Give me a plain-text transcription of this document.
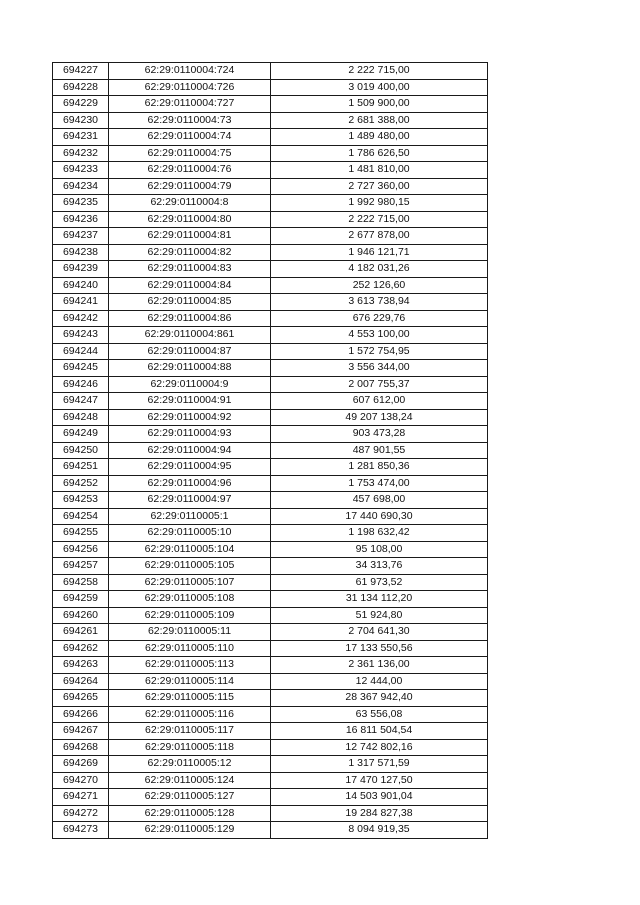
694227	62:29:0110004:724	2 222 715,00
694228	62:29:0110004:726	3 019 400,00
694229	62:29:0110004:727	1 509 900,00
694230	62:29:0110004:73	2 681 388,00
694231	62:29:0110004:74	1 489 480,00
694232	62:29:0110004:75	1 786 626,50
694233	62:29:0110004:76	1 481 810,00
694234	62:29:0110004:79	2 727 360,00
694235	62:29:0110004:8	1 992 980,15
694236	62:29:0110004:80	2 222 715,00
694237	62:29:0110004:81	2 677 878,00
694238	62:29:0110004:82	1 946 121,71
694239	62:29:0110004:83	4 182 031,26
694240	62:29:0110004:84	252 126,60
694241	62:29:0110004:85	3 613 738,94
694242	62:29:0110004:86	676 229,76
694243	62:29:0110004:861	4 553 100,00
694244	62:29:0110004:87	1 572 754,95
694245	62:29:0110004:88	3 556 344,00
694246	62:29:0110004:9	2 007 755,37
694247	62:29:0110004:91	607 612,00
694248	62:29:0110004:92	49 207 138,24
694249	62:29:0110004:93	903 473,28
694250	62:29:0110004:94	487 901,55
694251	62:29:0110004:95	1 281 850,36
694252	62:29:0110004:96	1 753 474,00
694253	62:29:0110004:97	457 698,00
694254	62:29:0110005:1	17 440 690,30
694255	62:29:0110005:10	1 198 632,42
694256	62:29:0110005:104	95 108,00
694257	62:29:0110005:105	34 313,76
694258	62:29:0110005:107	61 973,52
694259	62:29:0110005:108	31 134 112,20
694260	62:29:0110005:109	51 924,80
694261	62:29:0110005:11	2 704 641,30
694262	62:29:0110005:110	17 133 550,56
694263	62:29:0110005:113	2 361 136,00
694264	62:29:0110005:114	12 444,00
694265	62:29:0110005:115	28 367 942,40
694266	62:29:0110005:116	63 556,08
694267	62:29:0110005:117	16 811 504,54
694268	62:29:0110005:118	12 742 802,16
694269	62:29:0110005:12	1 317 571,59
694270	62:29:0110005:124	17 470 127,50
694271	62:29:0110005:127	14 503 901,04
694272	62:29:0110005:128	19 284 827,38
694273	62:29:0110005:129	8 094 919,35
